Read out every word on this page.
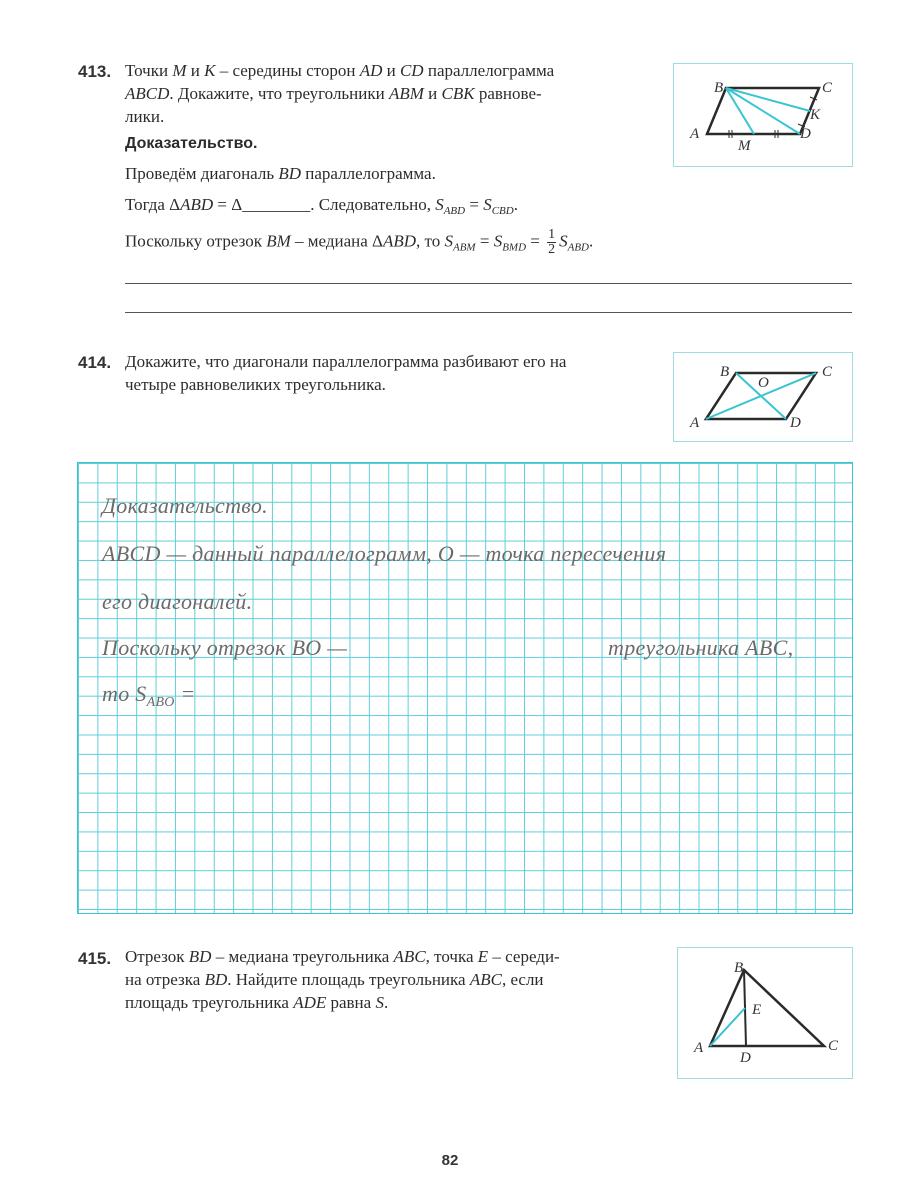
413. Точки M и K – середины сторон AD и CD параллелограмма
ABCD. Докажите, что треугольники ABM и CBK равнове-
лики.
Доказательство.
Проведём диагональ BD параллелограмма.
Тогда ΔABD = Δ________. Следовательно, $S_{ABD} = S_{CBD}$.
Поскольку отрезок BM – медиана ΔABD, то $S_{ABM} = S_{BMD} = \frac{1}{2} S_{ABD}$.
B	C
K
A	D
M
414. Докажите, что диагонали параллелограмма разбивают его на
четыре равновеликих треугольника.
B
O
C
A	D
Доказательство.
ABCD — данный параллелограмм, O — точка пересечения
его диагоналей.
Поскольку отрезок BO —	треугольника ABC,
то $S_{ABO}$ =
415. Отрезок BD – медиана треугольника ABC, точка E – середи-
на отрезка BD. Найдите площадь треугольника ABC, если
площадь треугольника ADE равна S.
B
E
A
D
C
82
